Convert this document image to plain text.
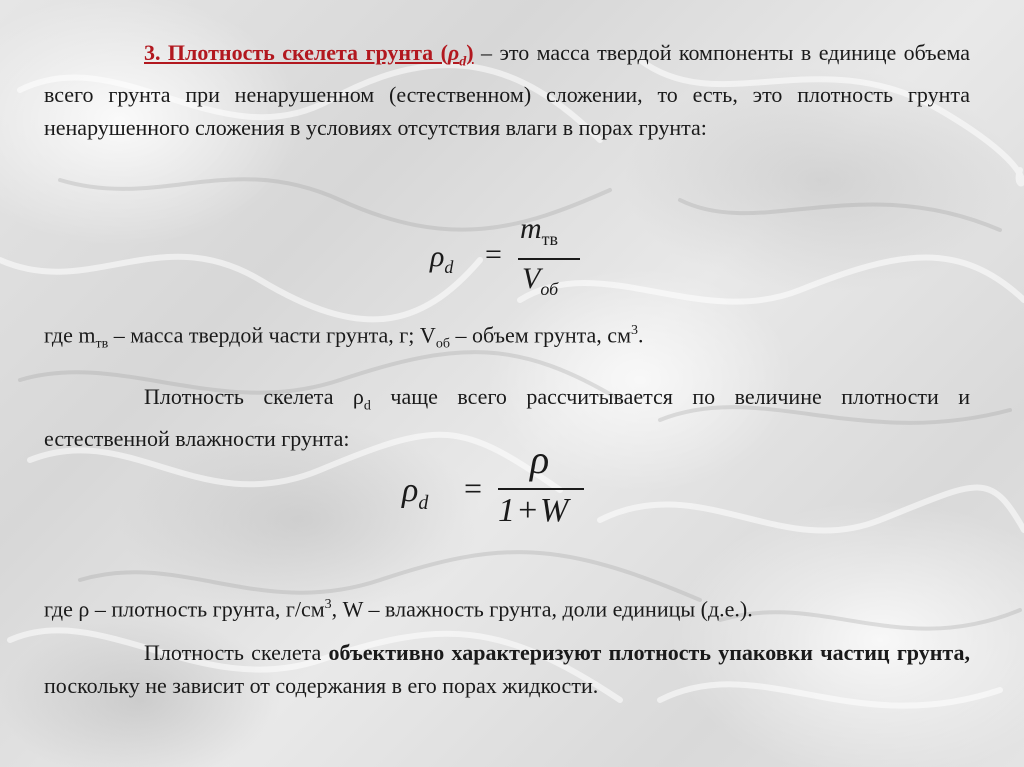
3. Плотность скелета грунта $(\rho_d)$ – это масса твердой компоненты в единице объема всего грунта при ненарушенном (естественном) сложении, то есть, это плотность грунта ненарушенного сложения в условиях отсутствия влаги в порах грунта:
$\rho_d$ =
$m_{тв}$
$V_{об}$
где $m_{тв}$ – масса твердой части грунта, г; $V_{об}$ – объем грунта, $см^3$.
Плотность скелета $\rho_d$ чаще всего рассчитывается по величине плотности и естественной влажности грунта:
$\rho_d$ =
ρ
1+W
где ρ – плотность грунта, $г/см^3$, W – влажность грунта, доли единицы (д.е.).
Плотность скелета объективно характеризуют плотность упаковки частиц грунта, поскольку не зависит от содержания в его порах жидкости.
